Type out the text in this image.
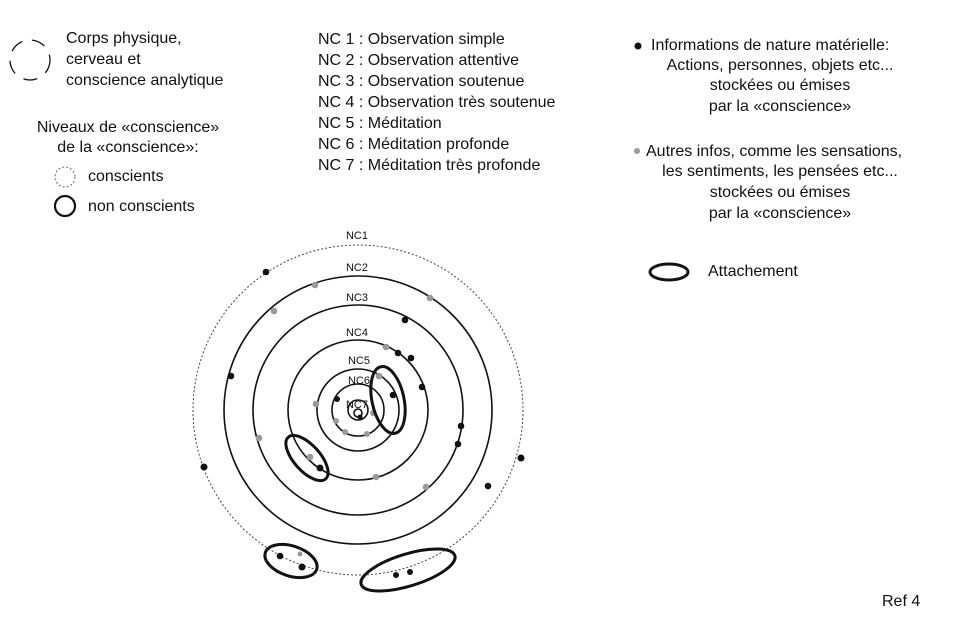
NC1
NC2
NC3
NC4
NC5
NC6
NC7
Corps physique,
cerveau et
conscience analytique
Niveaux de «conscience»
de la «conscience»:
conscients
non conscients
NC 1 : Observation simple
NC 2 : Observation attentive
NC 3 : Observation soutenue
NC 4 : Observation très soutenue
NC 5 : Méditation
NC 6 : Méditation profonde
NC 7 : Méditation très profonde
Informations de nature matérielle:
Actions, personnes, objets etc...
stockées ou émises
par la «conscience»
Autres infos, comme les sensations,
les sentiments, les pensées etc...
stockées ou émises
par la «conscience»
Attachement
Ref 4
